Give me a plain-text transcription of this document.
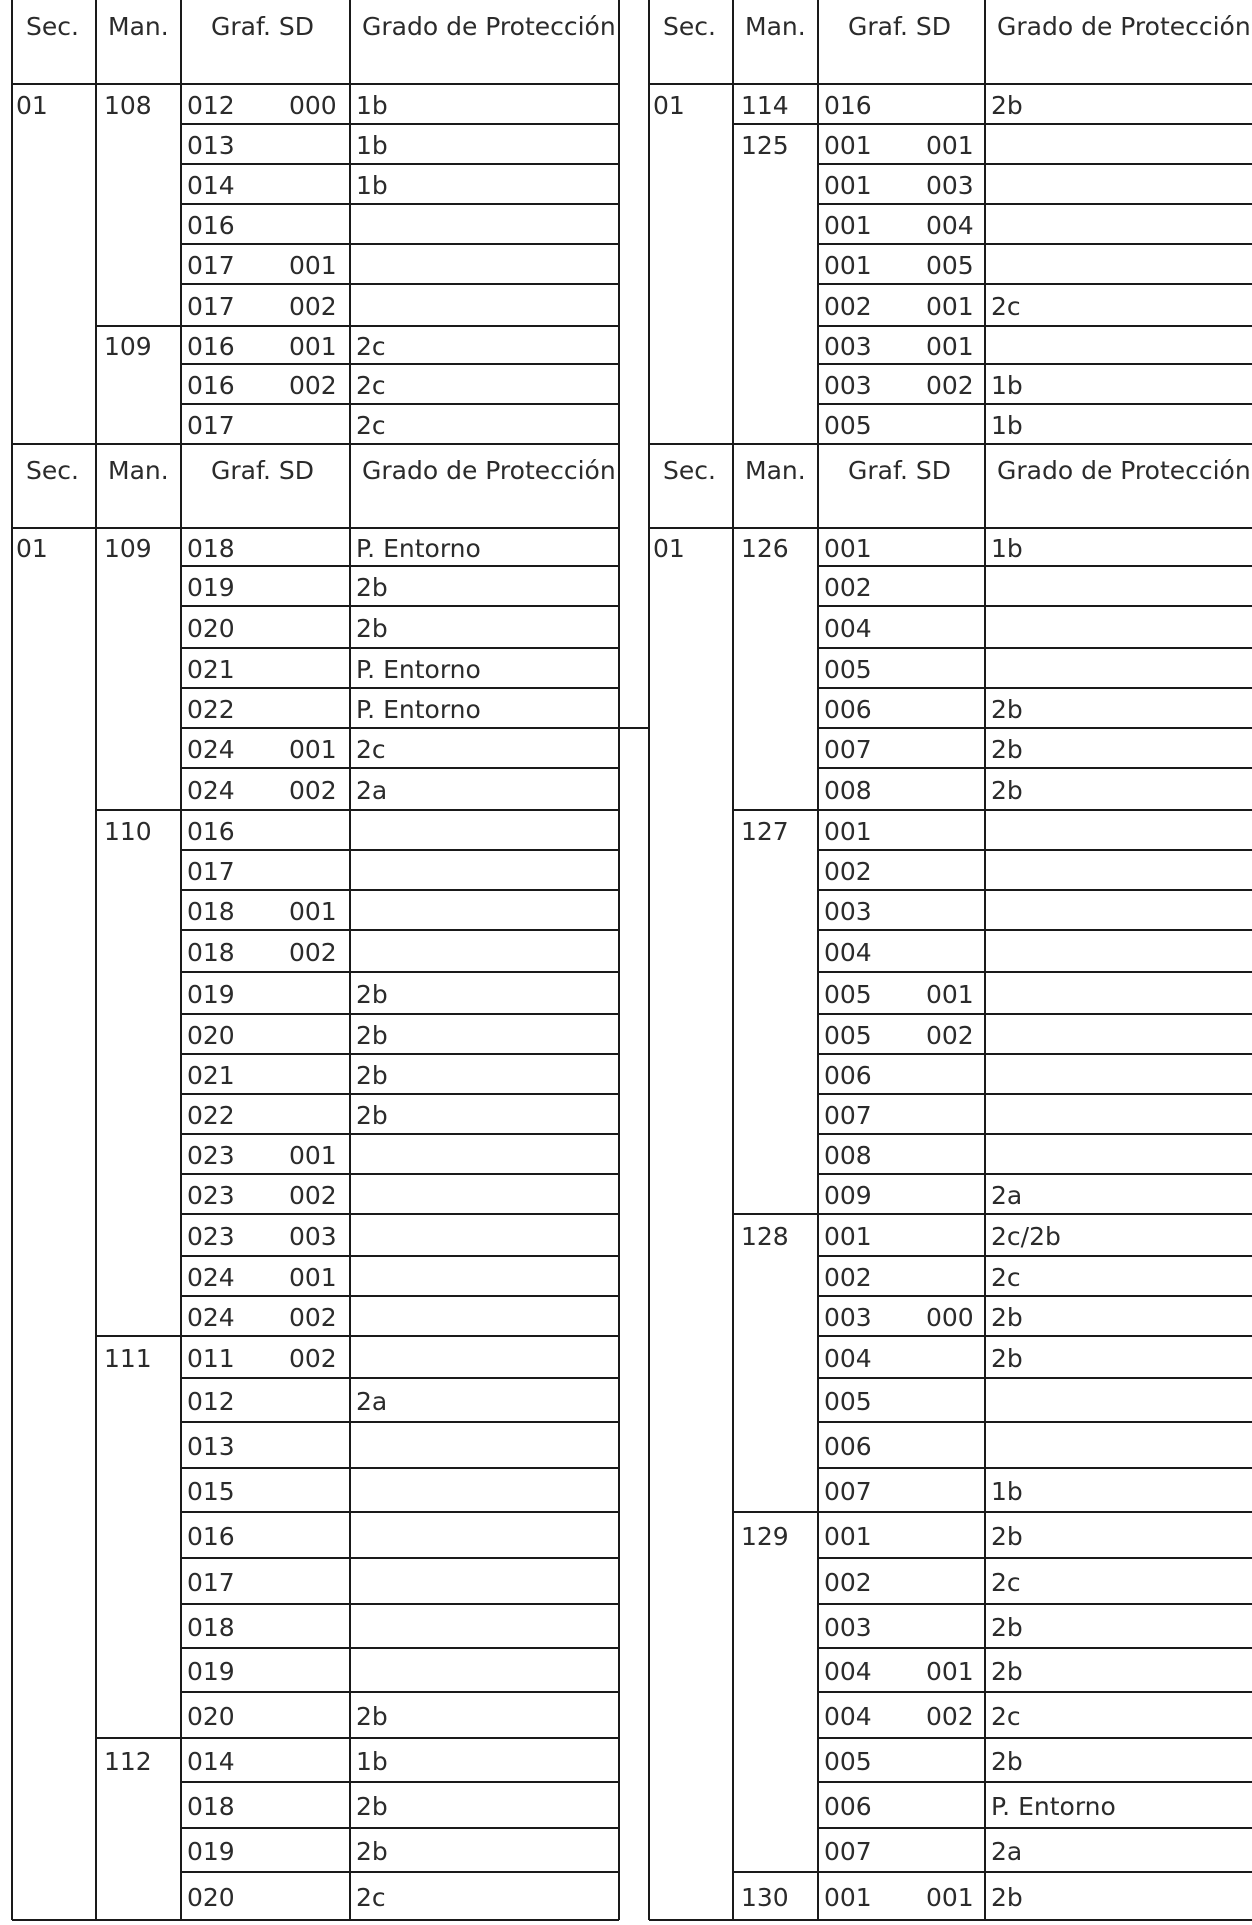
Sec. Man. Graf. SD Grado de Protección
01 108 012 000 1b
013	1b
014	1b
016
017 001
017 002
109 016 001 2c
016 002 2c
017	2c
Sec. Man. Graf. SD Grado de Protección
01 114 016	2b
125 001 001
001 003
001 004
001 005
002 001 2c
003 001
003 002 1b
005	1b
Sec. Man. Graf. SD Grado de Protección
01 109 018	P. Entorno
019	2b
020	2b
021	P. Entorno
022	P. Entorno
024 001 2c
024 002 2a
110 016
017
018 001
018 002
019	2b
020	2b
021	2b
022	2b
023 001
023 002
023 003
024 001
024 002
111 011 002
012	2a
013
015
016
017
018
019
020	2b
112 014	1b
018	2b
019	2b
020	2c
Sec. Man. Graf. SD Grado de Protección
01 126 001	1b
002
004
005
006	2b
007	2b
008	2b
127 001
002
003
004
005 001
005 002
006
007
008
009	2a
128 001	2c/2b
002	2c
003 000 2b
004	2b
005
006
007	1b
129 001	2b
002	2c
003	2b
004 001 2b
004 002 2c
005	2b
006	P. Entorno
007	2a
130 001 001 2b
